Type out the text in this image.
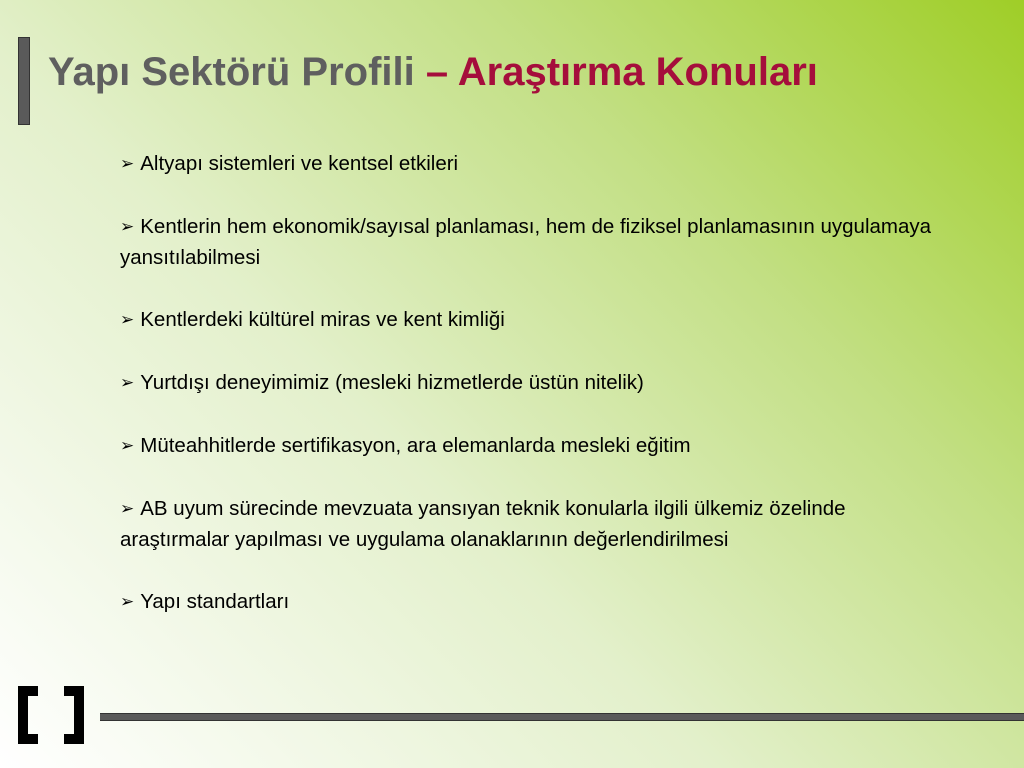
Yapı Sektörü Profili – Araştırma Konuları
➢ Altyapı sistemleri ve kentsel etkileri
➢ Kentlerin hem ekonomik/sayısal planlaması, hem de fiziksel planlamasının uygulamaya yansıtılabilmesi
➢ Kentlerdeki kültürel miras ve kent kimliği
➢ Yurtdışı deneyimimiz (mesleki hizmetlerde üstün nitelik)
➢ Müteahhitlerde sertifikasyon, ara elemanlarda mesleki eğitim
➢ AB uyum sürecinde mevzuata yansıyan teknik konularla ilgili ülkemiz özelinde araştırmalar yapılması ve uygulama olanaklarının değerlendirilmesi
➢ Yapı standartları
